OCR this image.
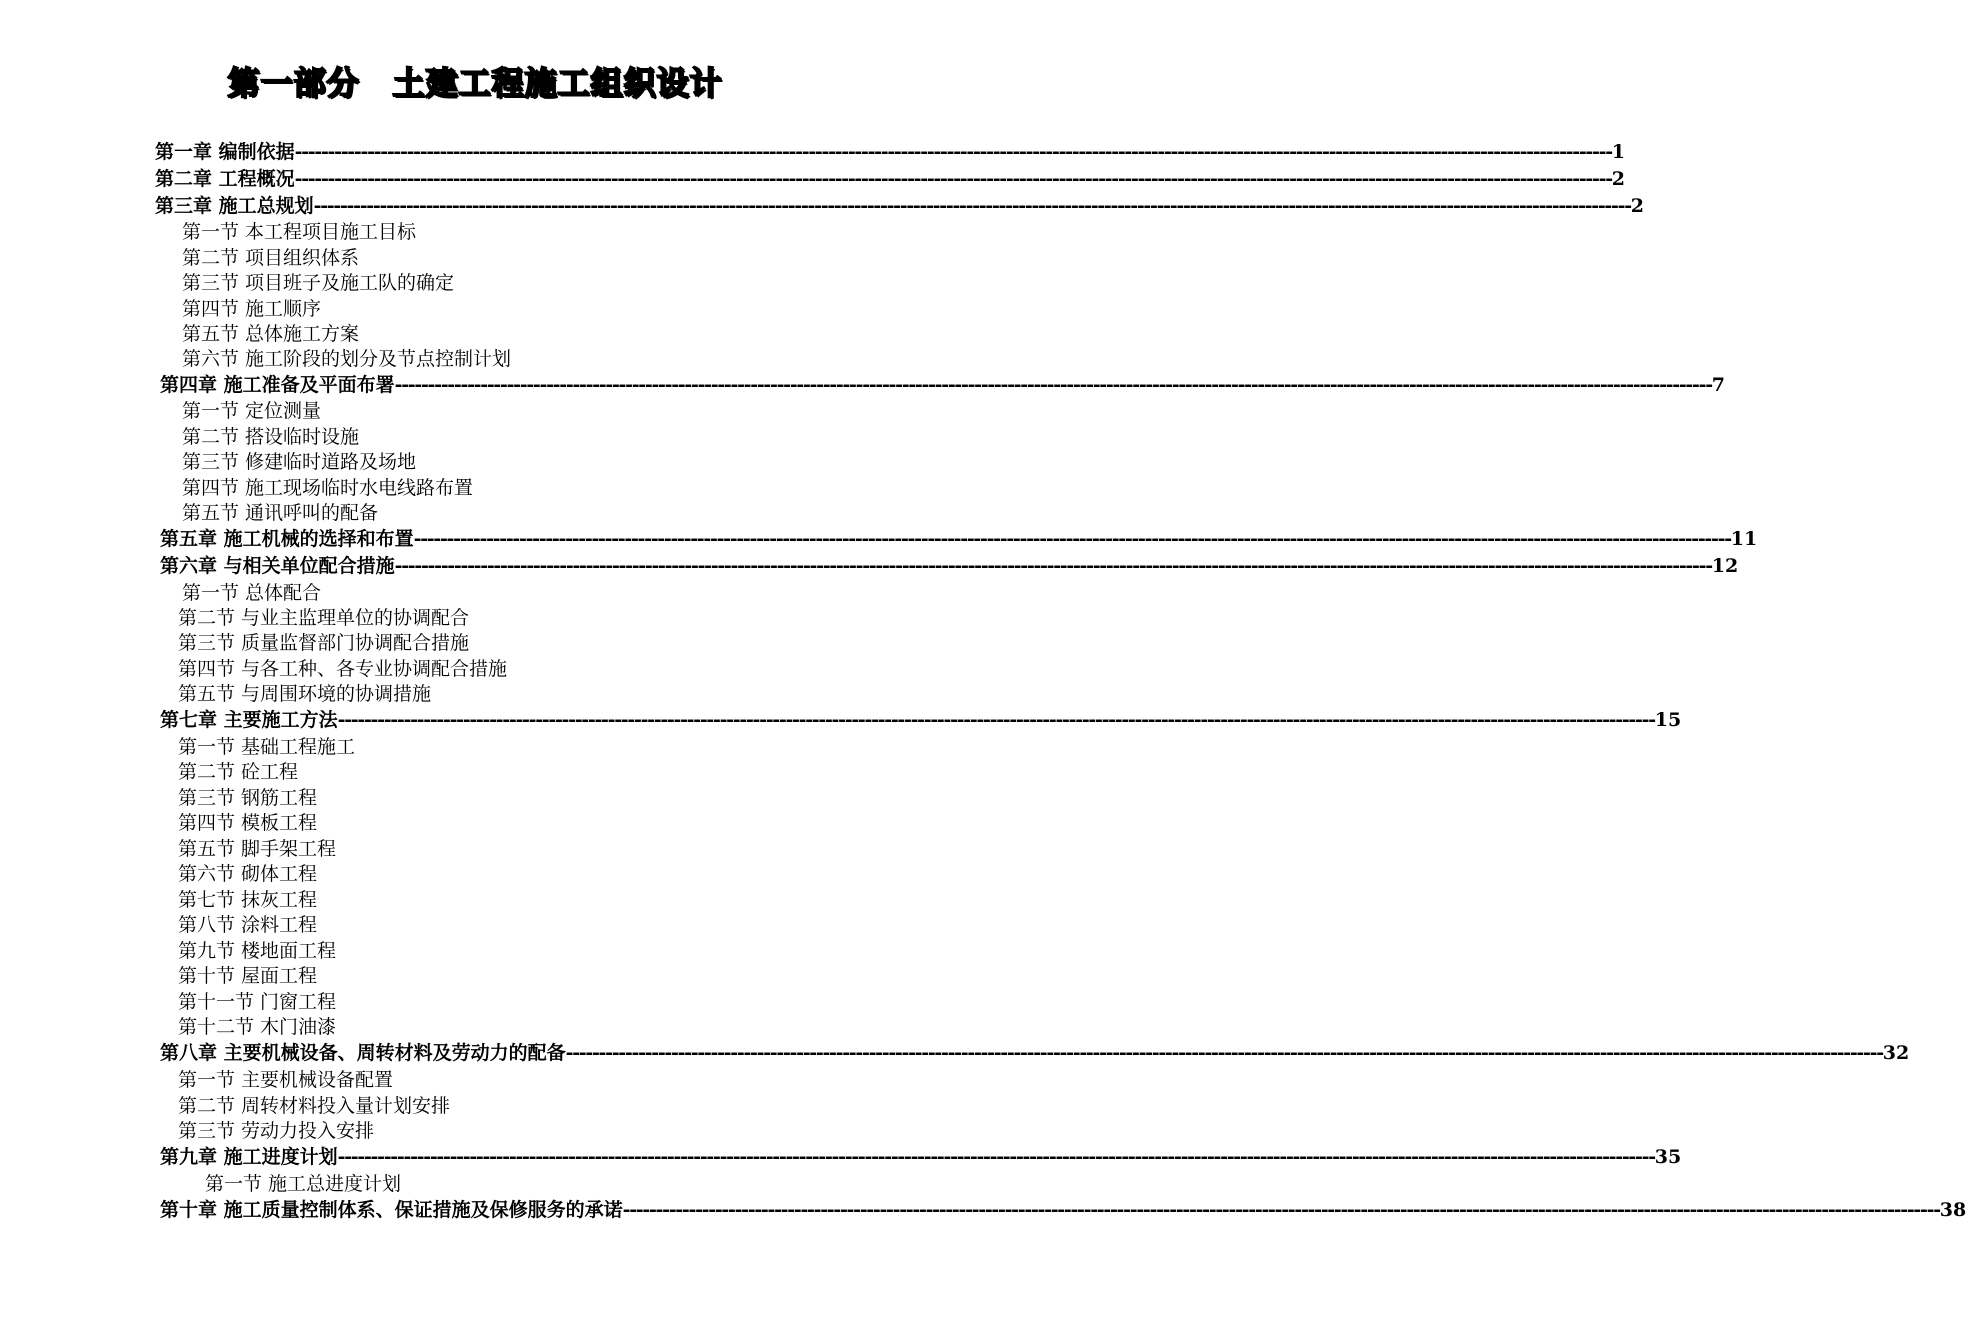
第一部分　土建工程施工组织设计
第一章 编制依据 -------------------------------------------------------------------------------------------------------------------------------------------------------------------------------------------------------- 1
第二章 工程概况 -------------------------------------------------------------------------------------------------------------------------------------------------------------------------------------------------------- 2
第三章 施工总规划 -------------------------------------------------------------------------------------------------------------------------------------------------------------------------------------------------------- 2
第一节 本工程项目施工目标
第二节 项目组织体系
第三节 项目班子及施工队的确定
第四节 施工顺序
第五节 总体施工方案
第六节 施工阶段的划分及节点控制计划
第四章 施工准备及平面布署 -------------------------------------------------------------------------------------------------------------------------------------------------------------------------------------------------------- 7
第一节 定位测量
第二节 搭设临时设施
第三节 修建临时道路及场地
第四节 施工现场临时水电线路布置
第五节 通讯呼叫的配备
第五章 施工机械的选择和布置 -------------------------------------------------------------------------------------------------------------------------------------------------------------------------------------------------------- 11
第六章 与相关单位配合措施 -------------------------------------------------------------------------------------------------------------------------------------------------------------------------------------------------------- 12
第一节 总体配合
第二节 与业主监理单位的协调配合
第三节 质量监督部门协调配合措施
第四节 与各工种、各专业协调配合措施
第五节 与周围环境的协调措施
第七章 主要施工方法 -------------------------------------------------------------------------------------------------------------------------------------------------------------------------------------------------------- 15
第一节 基础工程施工
第二节 砼工程
第三节 钢筋工程
第四节 模板工程
第五节 脚手架工程
第六节 砌体工程
第七节 抹灰工程
第八节 涂料工程
第九节 楼地面工程
第十节 屋面工程
第十一节 门窗工程
第十二节 木门油漆
第八章 主要机械设备、周转材料及劳动力的配备 -------------------------------------------------------------------------------------------------------------------------------------------------------------------------------------------------------- 32
第一节 主要机械设备配置
第二节 周转材料投入量计划安排
第三节 劳动力投入安排
第九章 施工进度计划 -------------------------------------------------------------------------------------------------------------------------------------------------------------------------------------------------------- 35
第一节 施工总进度计划
第十章 施工质量控制体系、保证措施及保修服务的承诺 -------------------------------------------------------------------------------------------------------------------------------------------------------------------------------------------------------- 38
